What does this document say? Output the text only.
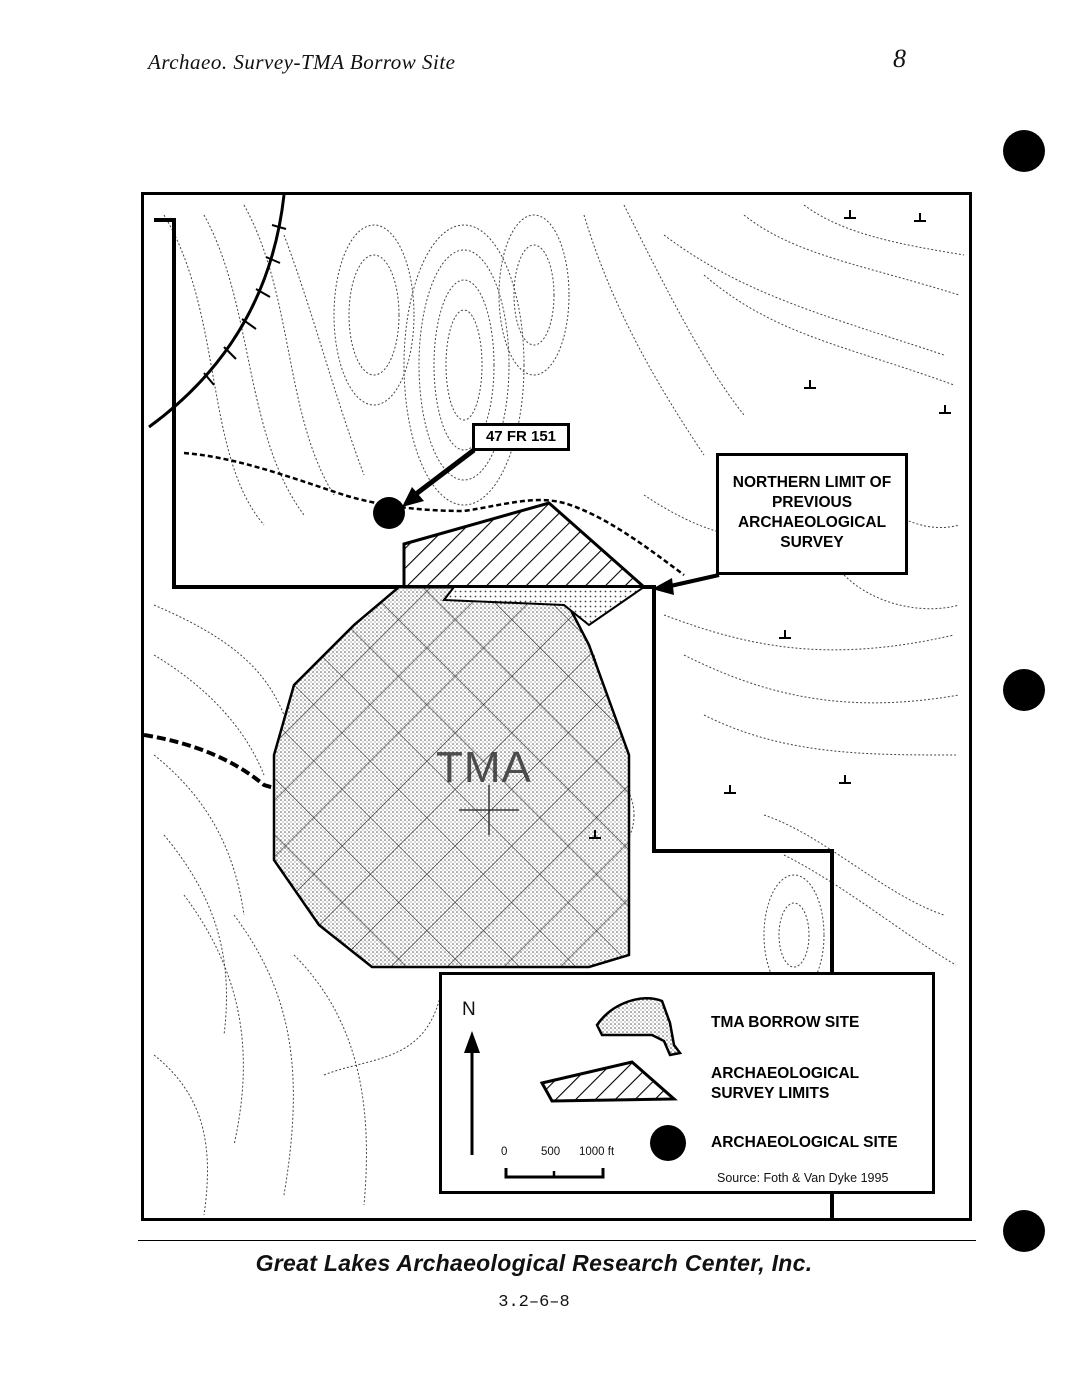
Archaeo. Survey-TMA Borrow Site	8
47 FR 151
NORTHERN LIMIT OF
PREVIOUS
ARCHAEOLOGICAL
SURVEY
TMA
N
0	500 1000 ft
TMA BORROW SITE
ARCHAEOLOGICAL
SURVEY LIMITS
ARCHAEOLOGICAL SITE
Source: Foth & Van Dyke 1995
Great Lakes Archaeological Research Center, Inc.
3.2–6–8
